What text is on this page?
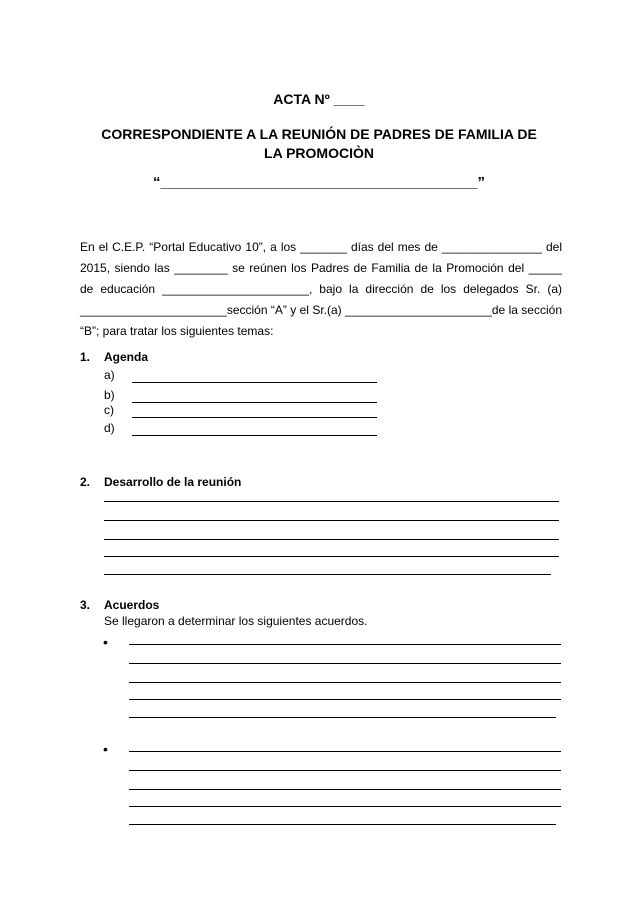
ACTA Nº ____
CORRESPONDIENTE A LA REUNIÓN DE PADRES DE FAMILIA DE
LA PROMOCIÒN
“______________________________________”

En el C.E.P. “Portal Educativo 10”, a los _______ días del mes de _______________ del 2015, siendo las ________ se reúnen los Padres de Familia de la Promoción del _____ de educación ______________________, bajo la dirección de los delegados Sr. (a) ______________________sección “A” y el Sr.(a) ______________________de la sección “B”; para tratar los siguientes temas:

1. Agenda
a)
b)
c)
d)
2. Desarrollo de la reunión
3. Acuerdos
Se llegaron a determinar los siguientes acuerdos.
•
•
